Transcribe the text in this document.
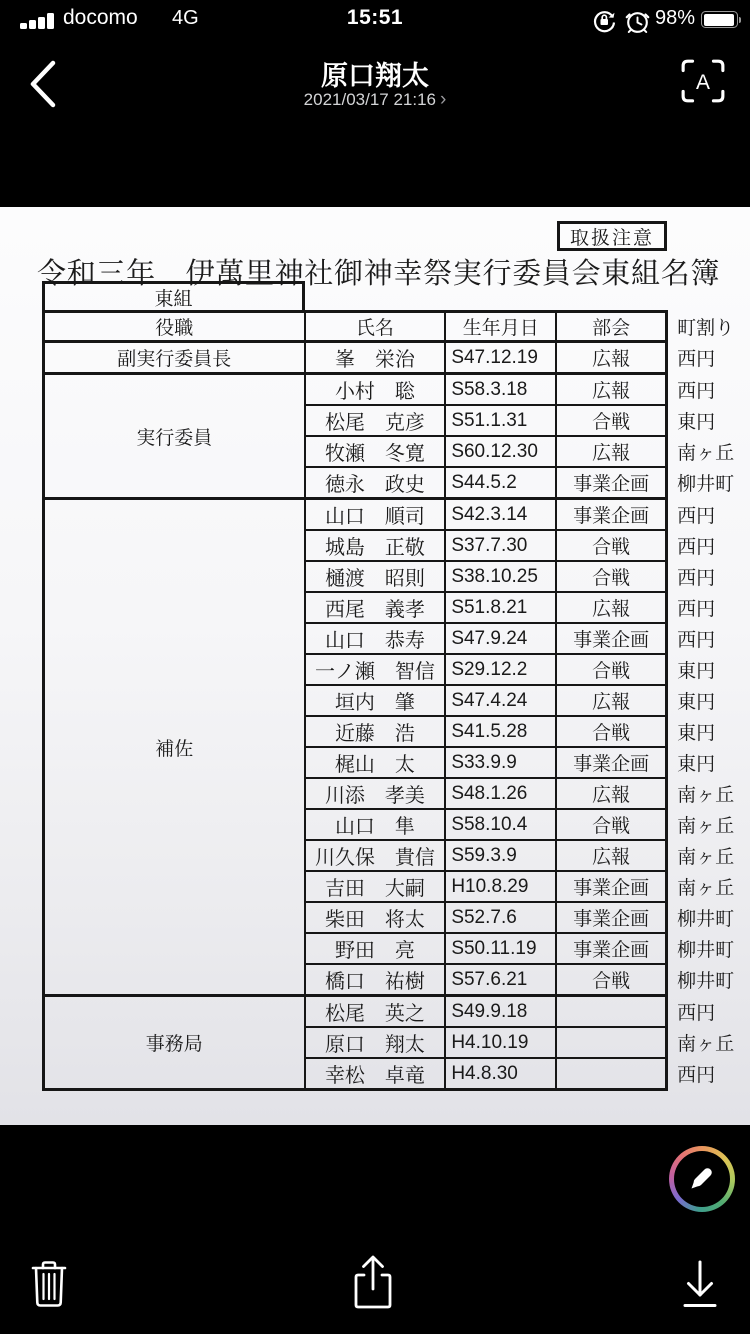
docomo 4G	15:51	98%
原口翔太
2021/03/17 21:16 ›
A
取扱注意
令和三年　伊萬里神社御神幸祭実行委員会東組名簿
東組
役職	氏名	生年月日	部会	町割り
副実行委員長	峯　栄治	S47.12.19	広報	西円
実行委員	小村　聡	S58.3.18	広報	西円
	松尾　克彦	S51.1.31	合戦	東円
	牧瀬　冬寛	S60.12.30	広報	南ヶ丘
	徳永　政史	S44.5.2	事業企画	柳井町
補佐	山口　順司	S42.3.14	事業企画	西円
	城島　正敬	S37.7.30	合戦	西円
	樋渡　昭則	S38.10.25	合戦	西円
	西尾　義孝	S51.8.21	広報	西円
	山口　恭寿	S47.9.24	事業企画	西円
	一ノ瀬　智信	S29.12.2	合戦	東円
	垣内　肇	S47.4.24	広報	東円
	近藤　浩	S41.5.28	合戦	東円
	梶山　太	S33.9.9	事業企画	東円
	川添　孝美	S48.1.26	広報	南ヶ丘
	山口　隼	S58.10.4	合戦	南ヶ丘
	川久保　貴信	S59.3.9	広報	南ヶ丘
	吉田　大嗣	H10.8.29	事業企画	南ヶ丘
	柴田　将太	S52.7.6	事業企画	柳井町
	野田　亮	S50.11.19	事業企画	柳井町
	橋口　祐樹	S57.6.21	合戦	柳井町
事務局	松尾　英之	S49.9.18		西円
	原口　翔太	H4.10.19		南ヶ丘
	幸松　卓竜	H4.8.30		西円
